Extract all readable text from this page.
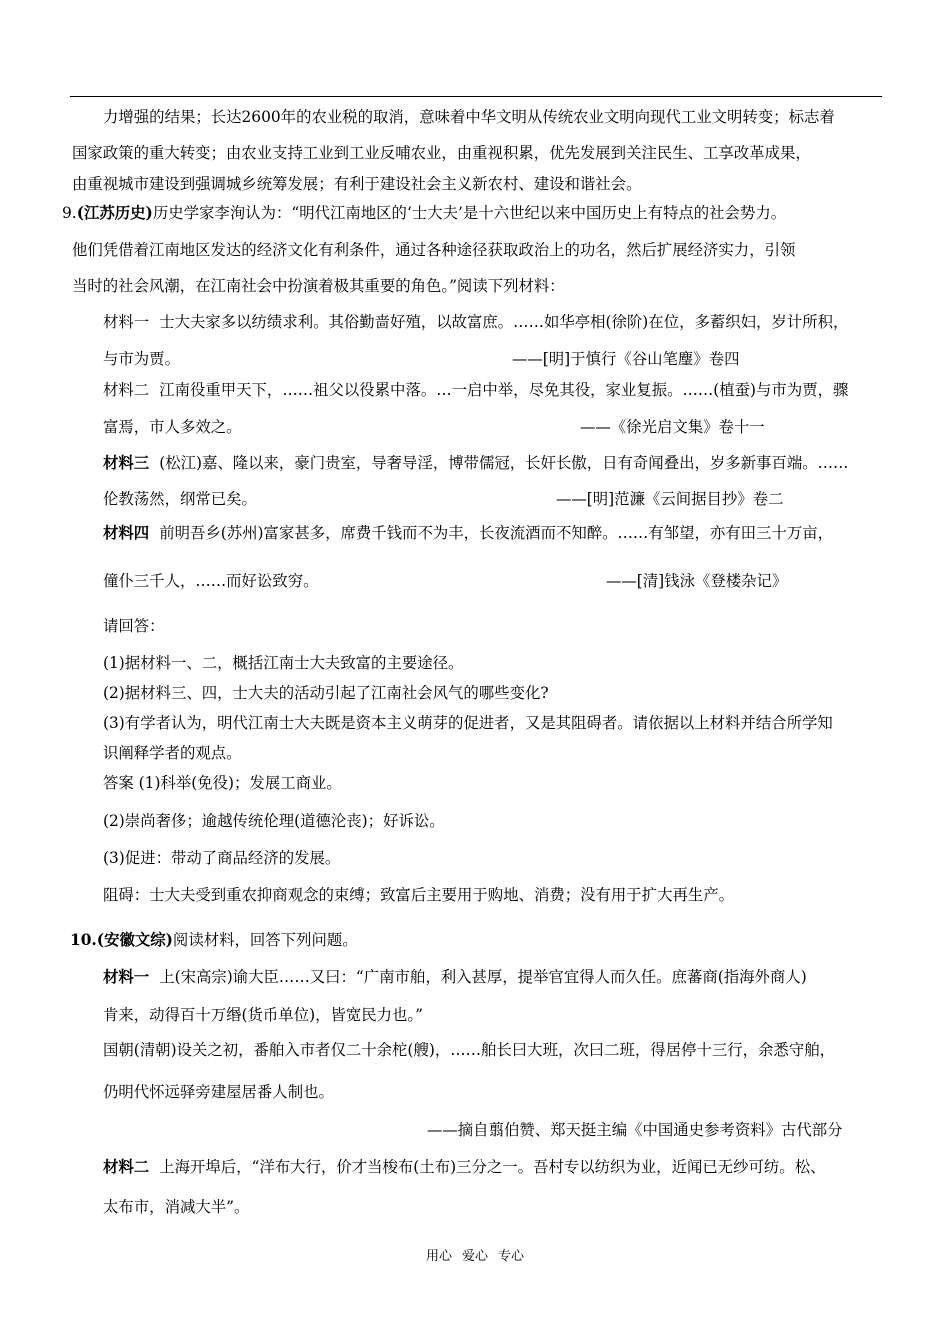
力增强的结果；长达2600年的农业税的取消，意味着中华文明从传统农业文明向现代工业文明转变；标志着
国家政策的重大转变；由农业支持工业到工业反哺农业，由重视积累，优先发展到关注民生、工享改革成果，
由重视城市建设到强调城乡统筹发展；有利于建设社会主义新农村、建设和谐社会。
9.(江苏历史)历史学家李洵认为：“明代江南地区的‘士大夫’是十六世纪以来中国历史上有特点的社会势力。
他们凭借着江南地区发达的经济文化有利条件，通过各种途径获取政治上的功名，然后扩展经济实力，引领
当时的社会风潮，在江南社会中扮演着极其重要的角色。”阅读下列材料：
材料一 士大夫家多以纺绩求利。其俗勤啬好殖，以故富庶。……如华亭相(徐阶)在位，多蓄织妇，岁计所积，
与市为贾。	——[明]于慎行《谷山笔麈》卷四
材料二 江南役重甲天下，……祖父以役累中落。…一启中举，尽免其役，家业复振。……(植蚕)与市为贾，骤
富焉，市人多效之。	——《徐光启文集》卷十一
材料三 (松江)嘉、隆以来，豪门贵室，导奢导淫，博带儒冠，长奸长傲，日有奇闻叠出，岁多新事百端。……
伦教荡然，纲常已矣。	——[明]范濂《云间据目抄》卷二
材料四 前明吾乡(苏州)富家甚多，席费千钱而不为丰，长夜流酒而不知醉。……有邹望，亦有田三十万亩，
僮仆三千人，……而好讼致穷。	——[清]钱泳《登楼杂记》
请回答：
(1)据材料一、二，概括江南士大夫致富的主要途径。
(2)据材料三、四，士大夫的活动引起了江南社会风气的哪些变化?
(3)有学者认为，明代江南士大夫既是资本主义萌芽的促进者，又是其阻碍者。请依据以上材料并结合所学知
识阐释学者的观点。
答案 (1)科举(免役)；发展工商业。
(2)崇尚奢侈；逾越传统伦理(道德沦丧)；好诉讼。
(3)促进：带动了商品经济的发展。
阻碍：士大夫受到重农抑商观念的束缚；致富后主要用于购地、消费；没有用于扩大再生产。
10.(安徽文综)阅读材料，回答下列问题。
材料一 上(宋高宗)谕大臣……又曰：“广南市舶，利入甚厚，提举官宜得人而久任。庶蕃商(指海外商人)
肯来，动得百十万缗(货币单位)，皆宽民力也。”
国朝(清朝)设关之初，番舶入市者仅二十余柁(艘)，……舶长曰大班，次曰二班，得居停十三行，余悉守舶，
仍明代怀远驿旁建屋居番人制也。
——摘自翦伯赞、郑天挺主编《中国通史参考资料》古代部分
材料二 上海开埠后，“洋布大行，价才当梭布(土布)三分之一。吾村专以纺织为业，近闻已无纱可纺。松、
太布市，消减大半”。
用心 爱心 专心
